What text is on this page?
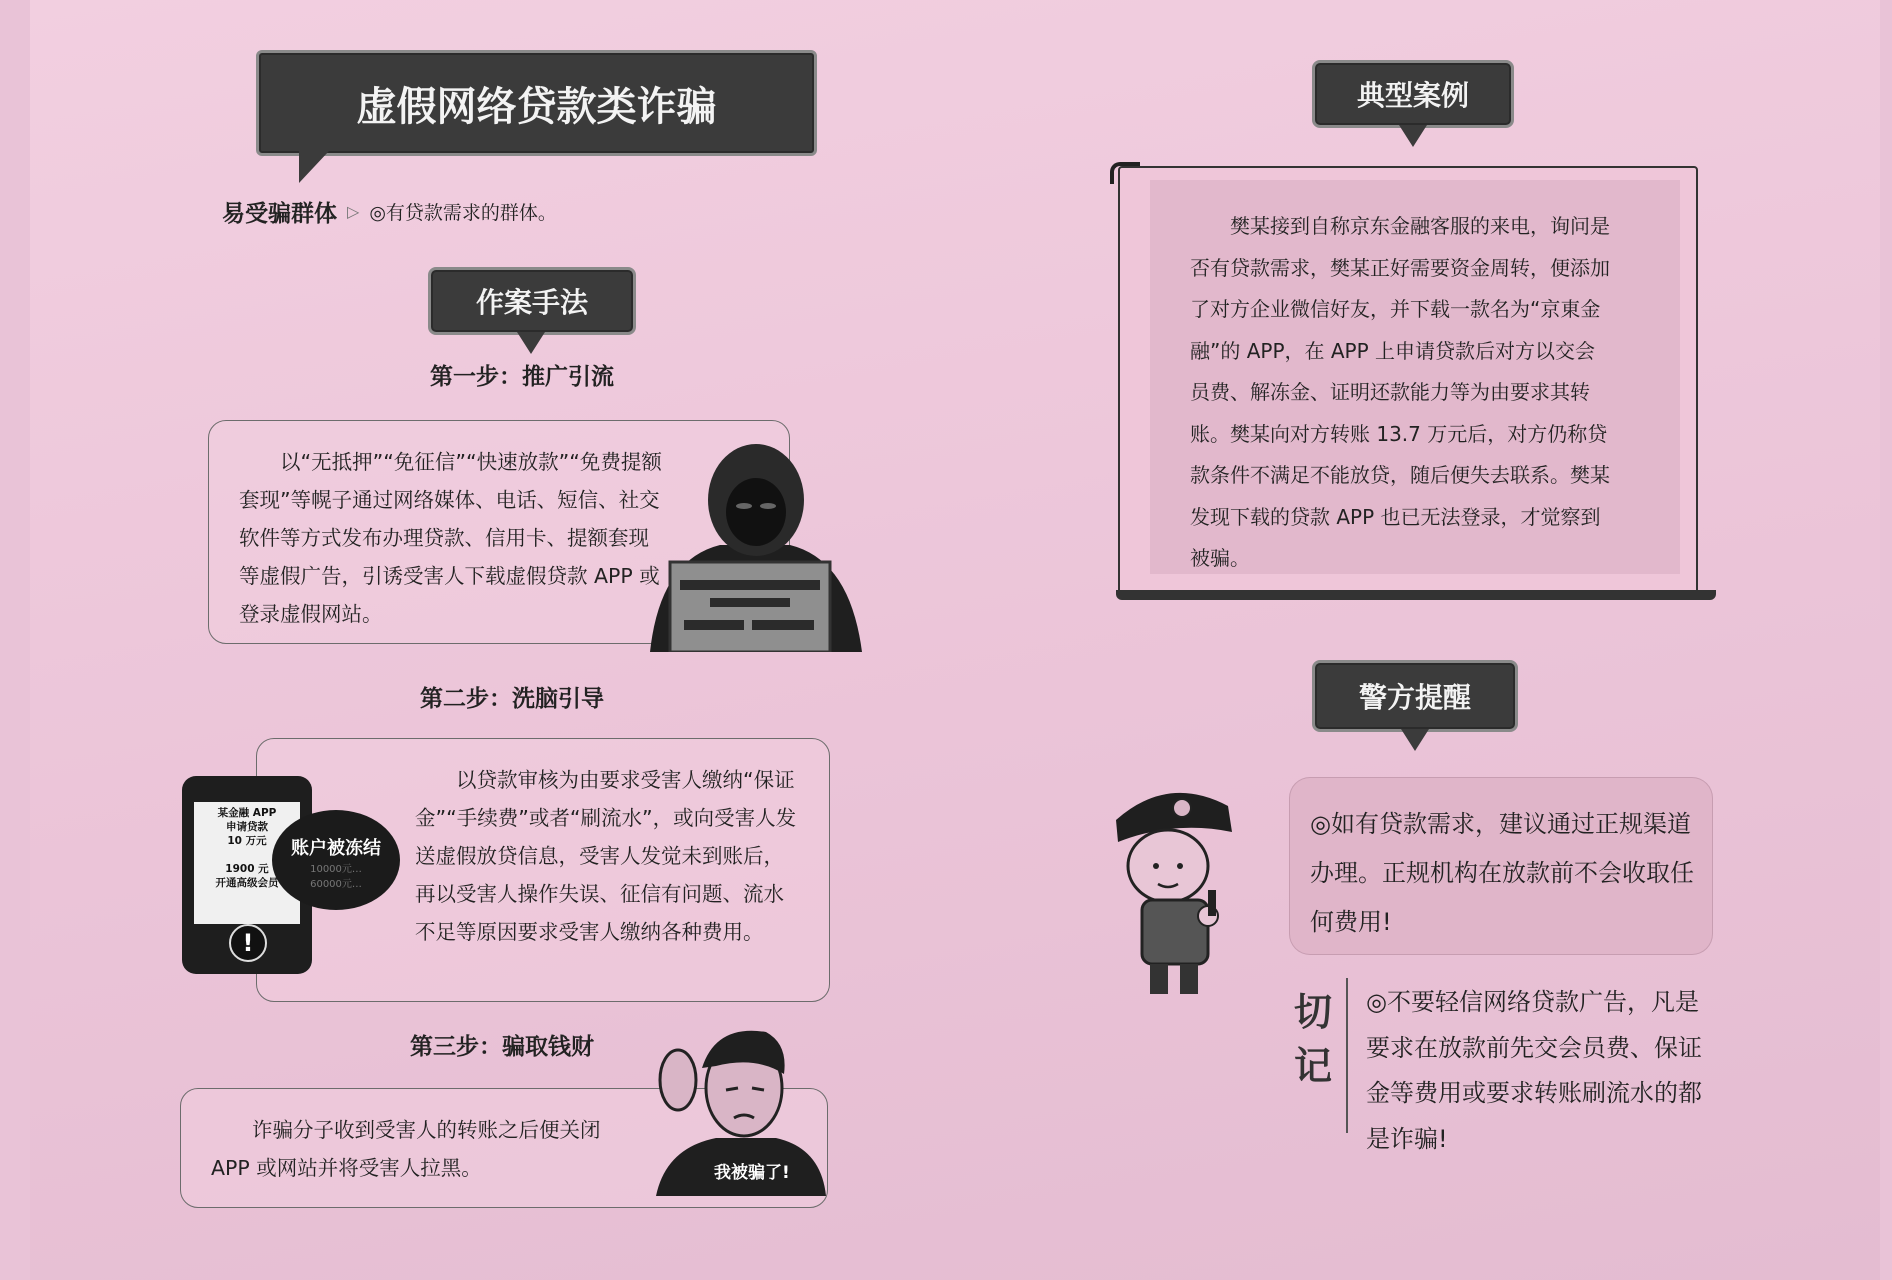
虚假网络贷款类诈骗
易受骗群体 ▷ ◎有贷款需求的群体。
作案手法
第一步：推广引流

以“无抵押”“免征信”“快速放款”“免费提额套现”等幌子通过网络媒体、电话、短信、社交软件等方式发布办理贷款、信用卡、提额套现等虚假广告，引诱受害人下载虚假贷款 APP 或登录虚假网站。

第二步：洗脑引导

以贷款审核为由要求受害人缴纳“保证金”“手续费”或者“刷流水”，或向受害人发送虚假放贷信息，受害人发觉未到账后，再以受害人操作失误、征信有问题、流水不足等原因要求受害人缴纳各种费用。

某金融 APP
申请贷款
10 万元
1900 元
开通高级会员
!
账户被冻结
10000元…
60000元…
第三步：骗取钱财

诈骗分子收到受害人的转账之后便关闭 APP 或网站并将受害人拉黑。	我被骗了!
典型案例

樊某接到自称京东金融客服的来电，询问是否有贷款需求，樊某正好需要资金周转，便添加了对方企业微信好友，并下载一款名为“京東金融”的 APP，在 APP 上申请贷款后对方以交会员费、解冻金、证明还款能力等为由要求其转账。樊某向对方转账 13.7 万元后，对方仍称贷款条件不满足不能放贷，随后便失去联系。樊某发现下载的贷款 APP 也已无法登录，才觉察到被骗。

警方提醒

◎如有贷款需求，建议通过正规渠道办理。正规机构在放款前不会收取任何费用!

切
记

◎不要轻信网络贷款广告，凡是要求在放款前先交会员费、保证金等费用或要求转账刷流水的都是诈骗!
